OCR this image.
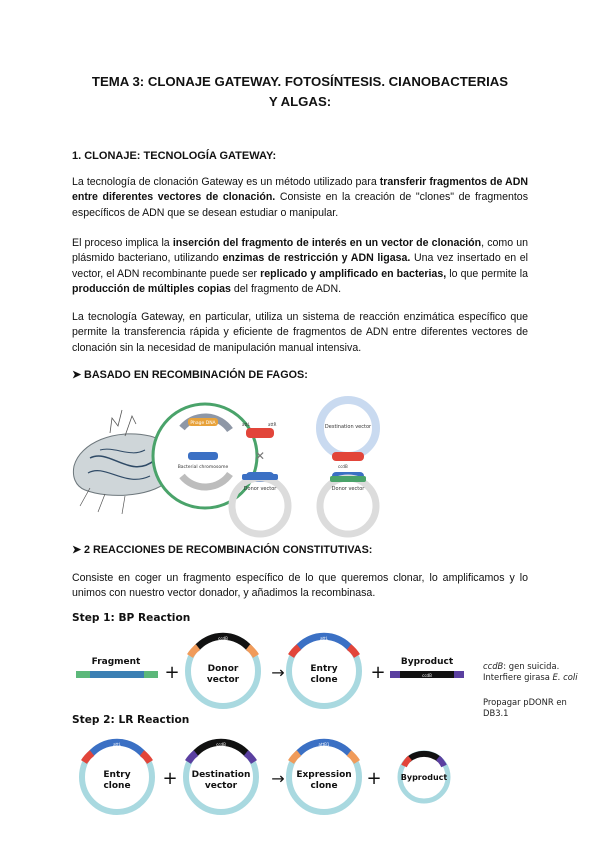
TEMA 3: CLONAJE GATEWAY. FOTOSÍNTESIS. CIANOBACTERIAS
Y ALGAS:
1. CLONAJE: TECNOLOGÍA GATEWAY:

La tecnología de clonación Gateway es un método utilizado para transferir fragmentos de ADN entre diferentes vectores de clonación. Consiste en la creación de "clones" de fragmentos específicos de ADN que se desean estudiar o manipular.

El proceso implica la inserción del fragmento de interés en un vector de clonación, como un plásmido bacteriano, utilizando enzimas de restricción y ADN ligasa. Una vez insertado en el vector, el ADN recombinante puede ser replicado y amplificado en bacterias, lo que permite la producción de múltiples copias del fragmento de ADN.

La tecnología Gateway, en particular, utiliza un sistema de reacción enzimática específico que permite la transferencia rápida y eficiente de fragmentos de ADN entre diferentes vectores de clonación sin la necesidad de manipulación manual intensiva.

➤ BASADO EN RECOMBINACIÓN DE FAGOS:
Phage DNA
Bacterial chromosome
attL	attR
✕
Donor vector
Destination vector
ccdB
Donor vector
➤ 2 REACCIONES DE RECOMBINACIÓN CONSTITUTIVAS:

Consiste en coger un fragmento específico de lo que queremos clonar, lo amplificamos y lo unimos con nuestro vector donador, y añadimos la recombinasa.

Step 1: BP Reaction
Step 2: LR Reaction
Fragment +
ccdB
Donor
vector →
attL
Entry
clone + Byproduct
ccdB
ccdB: gen suicida.
Interfiere girasa E. coli
Propagar pDONR en
DB3.1
attL
Entry
clone +
ccdB
Destination
vector →
attB1
Expression
clone + Byproduct
